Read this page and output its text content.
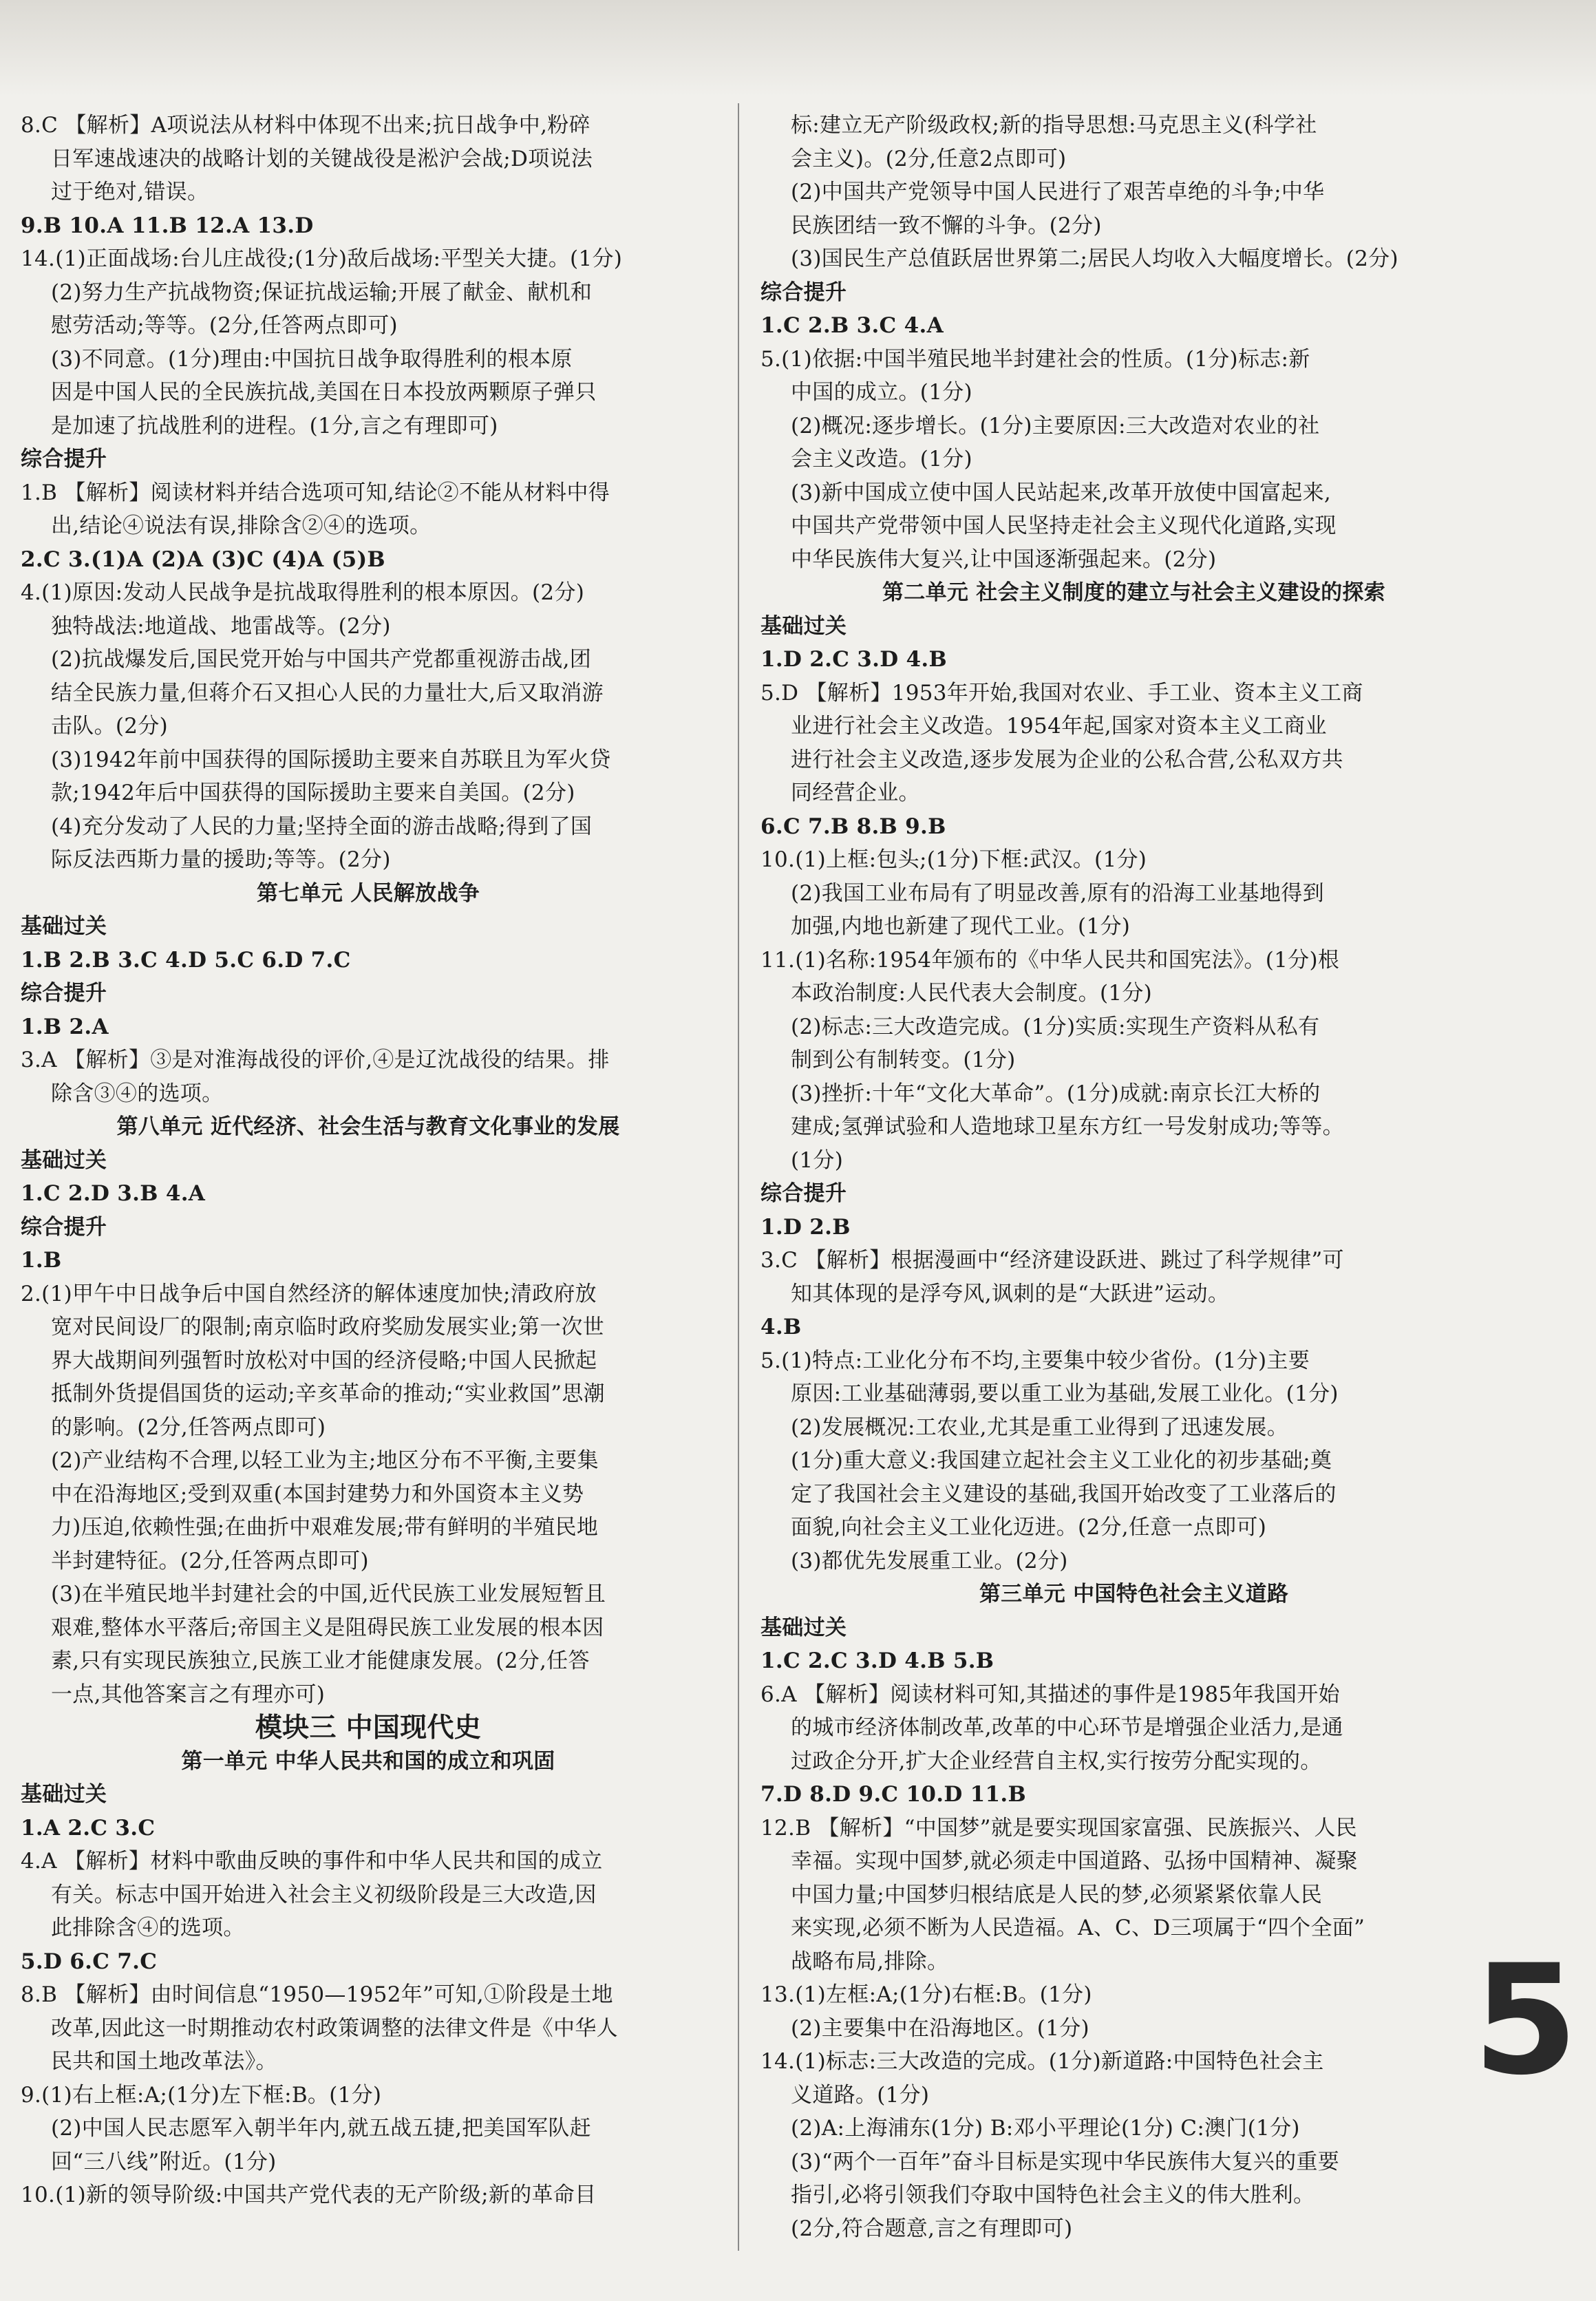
8.C 【解析】A项说法从材料中体现不出来;抗日战争中,粉碎
日军速战速决的战略计划的关键战役是淞沪会战;D项说法
过于绝对,错误。
9.B 10.A 11.B 12.A 13.D
14.(1)正面战场:台儿庄战役;(1分)敌后战场:平型关大捷。(1分)
(2)努力生产抗战物资;保证抗战运输;开展了献金、献机和
慰劳活动;等等。(2分,任答两点即可)
(3)不同意。(1分)理由:中国抗日战争取得胜利的根本原
因是中国人民的全民族抗战,美国在日本投放两颗原子弹只
是加速了抗战胜利的进程。(1分,言之有理即可)
综合提升
1.B 【解析】阅读材料并结合选项可知,结论②不能从材料中得
出,结论④说法有误,排除含②④的选项。
2.C 3.(1)A (2)A (3)C (4)A (5)B
4.(1)原因:发动人民战争是抗战取得胜利的根本原因。(2分)
独特战法:地道战、地雷战等。(2分)
(2)抗战爆发后,国民党开始与中国共产党都重视游击战,团
结全民族力量,但蒋介石又担心人民的力量壮大,后又取消游
击队。(2分)
(3)1942年前中国获得的国际援助主要来自苏联且为军火贷
款;1942年后中国获得的国际援助主要来自美国。(2分)
(4)充分发动了人民的力量;坚持全面的游击战略;得到了国
际反法西斯力量的援助;等等。(2分)
第七单元 人民解放战争
基础过关
1.B 2.B 3.C 4.D 5.C 6.D 7.C
综合提升
1.B 2.A
3.A 【解析】③是对淮海战役的评价,④是辽沈战役的结果。排
除含③④的选项。
第八单元 近代经济、社会生活与教育文化事业的发展
基础过关
1.C 2.D 3.B 4.A
综合提升
1.B
2.(1)甲午中日战争后中国自然经济的解体速度加快;清政府放
宽对民间设厂的限制;南京临时政府奖励发展实业;第一次世
界大战期间列强暂时放松对中国的经济侵略;中国人民掀起
抵制外货提倡国货的运动;辛亥革命的推动;“实业救国”思潮
的影响。(2分,任答两点即可)
(2)产业结构不合理,以轻工业为主;地区分布不平衡,主要集
中在沿海地区;受到双重(本国封建势力和外国资本主义势
力)压迫,依赖性强;在曲折中艰难发展;带有鲜明的半殖民地
半封建特征。(2分,任答两点即可)
(3)在半殖民地半封建社会的中国,近代民族工业发展短暂且
艰难,整体水平落后;帝国主义是阻碍民族工业发展的根本因
素,只有实现民族独立,民族工业才能健康发展。(2分,任答
一点,其他答案言之有理亦可)
模块三 中国现代史
第一单元 中华人民共和国的成立和巩固
基础过关
1.A 2.C 3.C
4.A 【解析】材料中歌曲反映的事件和中华人民共和国的成立
有关。标志中国开始进入社会主义初级阶段是三大改造,因
此排除含④的选项。
5.D 6.C 7.C
8.B 【解析】由时间信息“1950—1952年”可知,①阶段是土地
改革,因此这一时期推动农村政策调整的法律文件是《中华人
民共和国土地改革法》。
9.(1)右上框:A;(1分)左下框:B。(1分)
(2)中国人民志愿军入朝半年内,就五战五捷,把美国军队赶
回“三八线”附近。(1分)
10.(1)新的领导阶级:中国共产党代表的无产阶级;新的革命目
标:建立无产阶级政权;新的指导思想:马克思主义(科学社
会主义)。(2分,任意2点即可)
(2)中国共产党领导中国人民进行了艰苦卓绝的斗争;中华
民族团结一致不懈的斗争。(2分)
(3)国民生产总值跃居世界第二;居民人均收入大幅度增长。(2分)
综合提升
1.C 2.B 3.C 4.A
5.(1)依据:中国半殖民地半封建社会的性质。(1分)标志:新
中国的成立。(1分)
(2)概况:逐步增长。(1分)主要原因:三大改造对农业的社
会主义改造。(1分)
(3)新中国成立使中国人民站起来,改革开放使中国富起来,
中国共产党带领中国人民坚持走社会主义现代化道路,实现
中华民族伟大复兴,让中国逐渐强起来。(2分)
第二单元 社会主义制度的建立与社会主义建设的探索
基础过关
1.D 2.C 3.D 4.B
5.D 【解析】1953年开始,我国对农业、手工业、资本主义工商
业进行社会主义改造。1954年起,国家对资本主义工商业
进行社会主义改造,逐步发展为企业的公私合营,公私双方共
同经营企业。
6.C 7.B 8.B 9.B
10.(1)上框:包头;(1分)下框:武汉。(1分)
(2)我国工业布局有了明显改善,原有的沿海工业基地得到
加强,内地也新建了现代工业。(1分)
11.(1)名称:1954年颁布的《中华人民共和国宪法》。(1分)根
本政治制度:人民代表大会制度。(1分)
(2)标志:三大改造完成。(1分)实质:实现生产资料从私有
制到公有制转变。(1分)
(3)挫折:十年“文化大革命”。(1分)成就:南京长江大桥的
建成;氢弹试验和人造地球卫星东方红一号发射成功;等等。
(1分)
综合提升
1.D 2.B
3.C 【解析】根据漫画中“经济建设跃进、跳过了科学规律”可
知其体现的是浮夸风,讽刺的是“大跃进”运动。
4.B
5.(1)特点:工业化分布不均,主要集中较少省份。(1分)主要
原因:工业基础薄弱,要以重工业为基础,发展工业化。(1分)
(2)发展概况:工农业,尤其是重工业得到了迅速发展。
(1分)重大意义:我国建立起社会主义工业化的初步基础;奠
定了我国社会主义建设的基础,我国开始改变了工业落后的
面貌,向社会主义工业化迈进。(2分,任意一点即可)
(3)都优先发展重工业。(2分)
第三单元 中国特色社会主义道路
基础过关
1.C 2.C 3.D 4.B 5.B
6.A 【解析】阅读材料可知,其描述的事件是1985年我国开始
的城市经济体制改革,改革的中心环节是增强企业活力,是通
过政企分开,扩大企业经营自主权,实行按劳分配实现的。
7.D 8.D 9.C 10.D 11.B
12.B 【解析】“中国梦”就是要实现国家富强、民族振兴、人民
幸福。实现中国梦,就必须走中国道路、弘扬中国精神、凝聚
中国力量;中国梦归根结底是人民的梦,必须紧紧依靠人民
来实现,必须不断为人民造福。A、C、D三项属于“四个全面”
战略布局,排除。
13.(1)左框:A;(1分)右框:B。(1分)
(2)主要集中在沿海地区。(1分)
14.(1)标志:三大改造的完成。(1分)新道路:中国特色社会主
义道路。(1分)
(2)A:上海浦东(1分) B:邓小平理论(1分) C:澳门(1分)
(3)“两个一百年”奋斗目标是实现中华民族伟大复兴的重要
指引,必将引领我们夺取中国特色社会主义的伟大胜利。
(2分,符合题意,言之有理即可)
5
